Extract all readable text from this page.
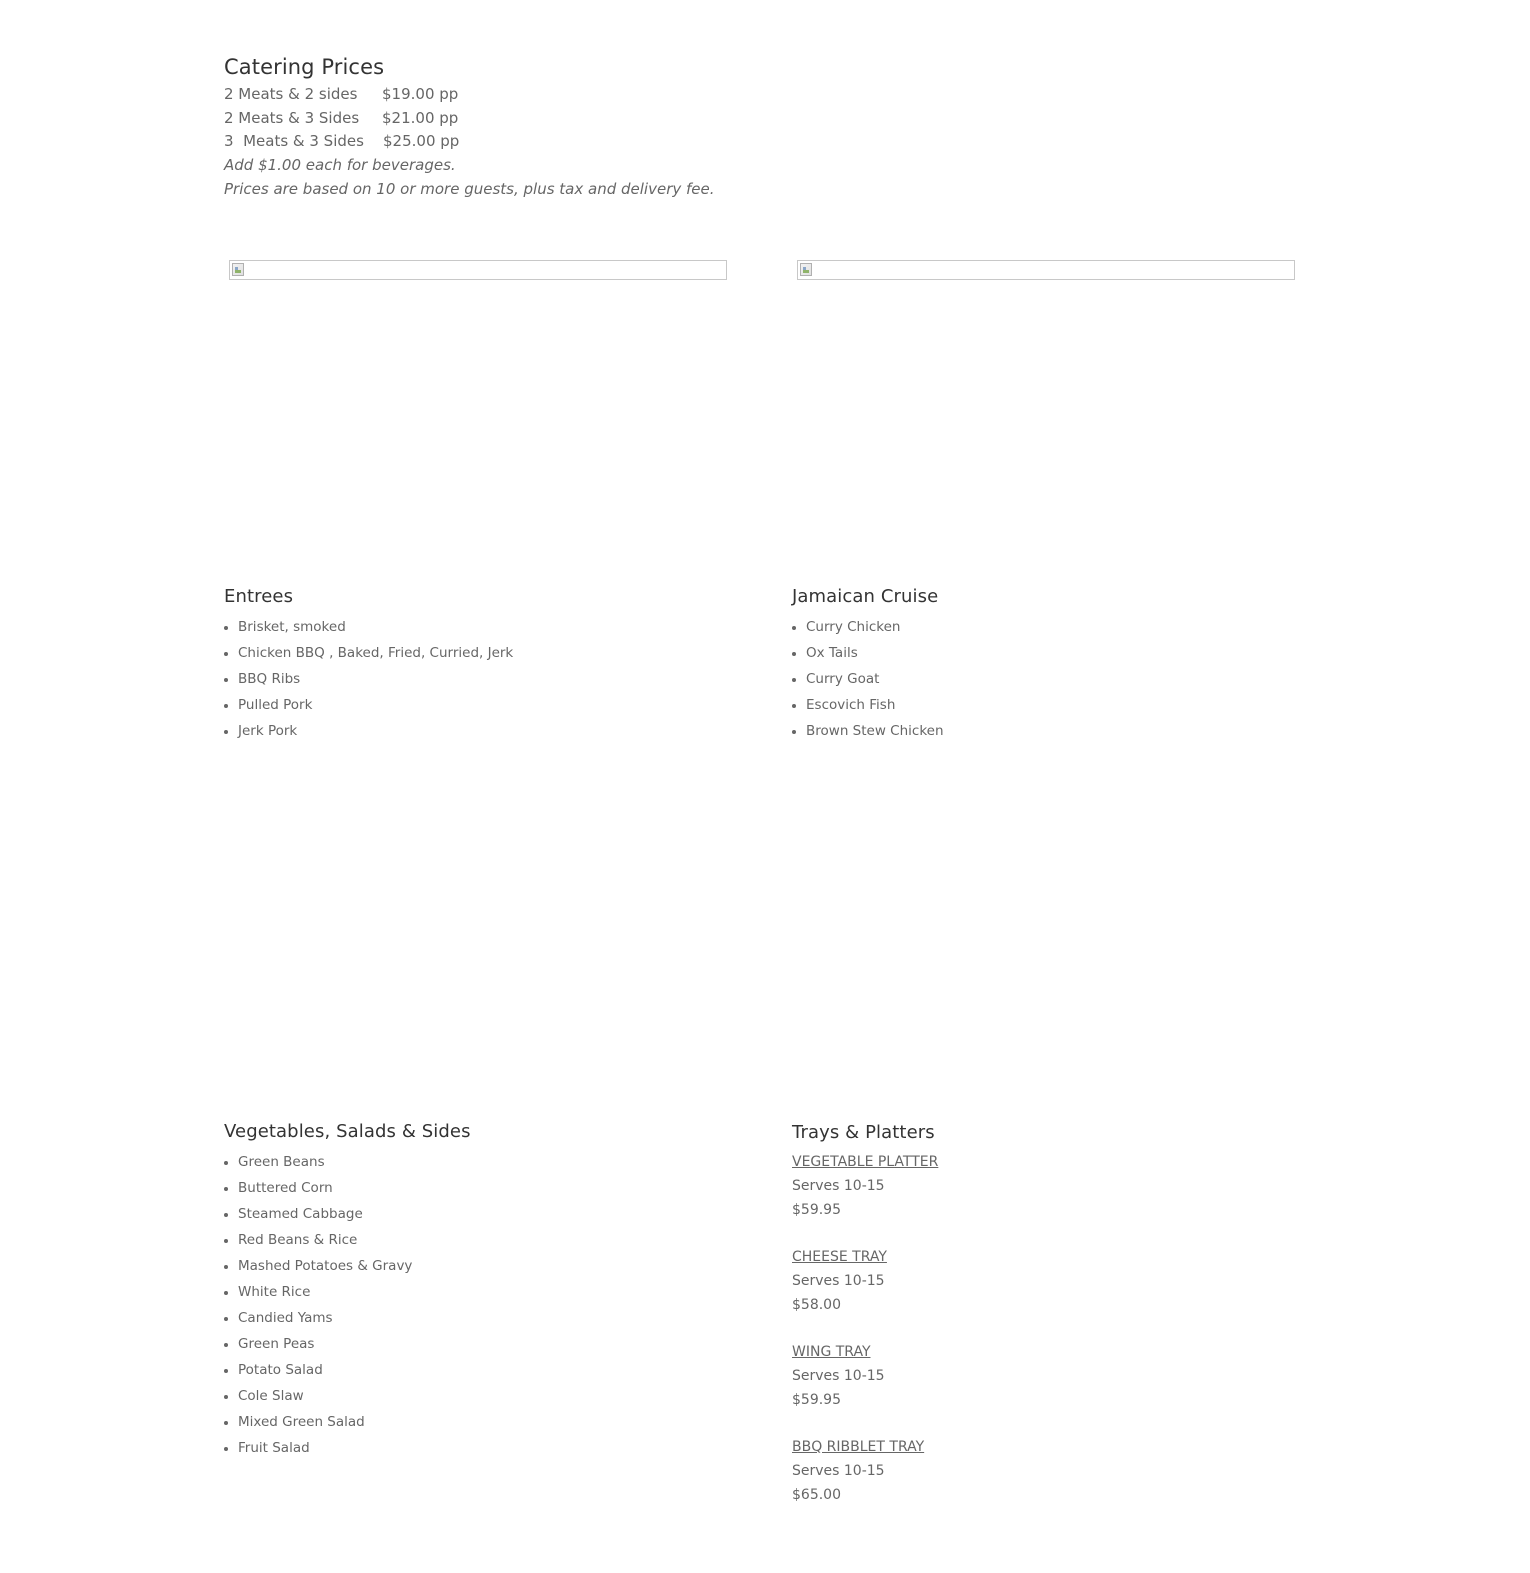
Catering Prices
2 Meats & 2 sides	$19.00 pp
2 Meats & 3 Sides	$21.00 pp
3  Meats & 3 Sides	$25.00 pp
Add $1.00 each for beverages.
Prices are based on 10 or more guests, plus tax and delivery fee.
Entrees
• Brisket, smoked
• Chicken BBQ , Baked, Fried, Curried, Jerk
• BBQ Ribs
• Pulled Pork
• Jerk Pork
Jamaican Cruise
• Curry Chicken
• Ox Tails
• Curry Goat
• Escovich Fish
• Brown Stew Chicken
Vegetables, Salads & Sides
• Green Beans
• Buttered Corn
• Steamed Cabbage
• Red Beans & Rice
• Mashed Potatoes & Gravy
• White Rice
• Candied Yams
• Green Peas
• Potato Salad
• Cole Slaw
• Mixed Green Salad
• Fruit Salad
Trays & Platters
VEGETABLE PLATTER
Serves 10-15
$59.95
CHEESE TRAY
Serves 10-15
$58.00
WING TRAY
Serves 10-15
$59.95
BBQ RIBBLET TRAY
Serves 10-15
$65.00
